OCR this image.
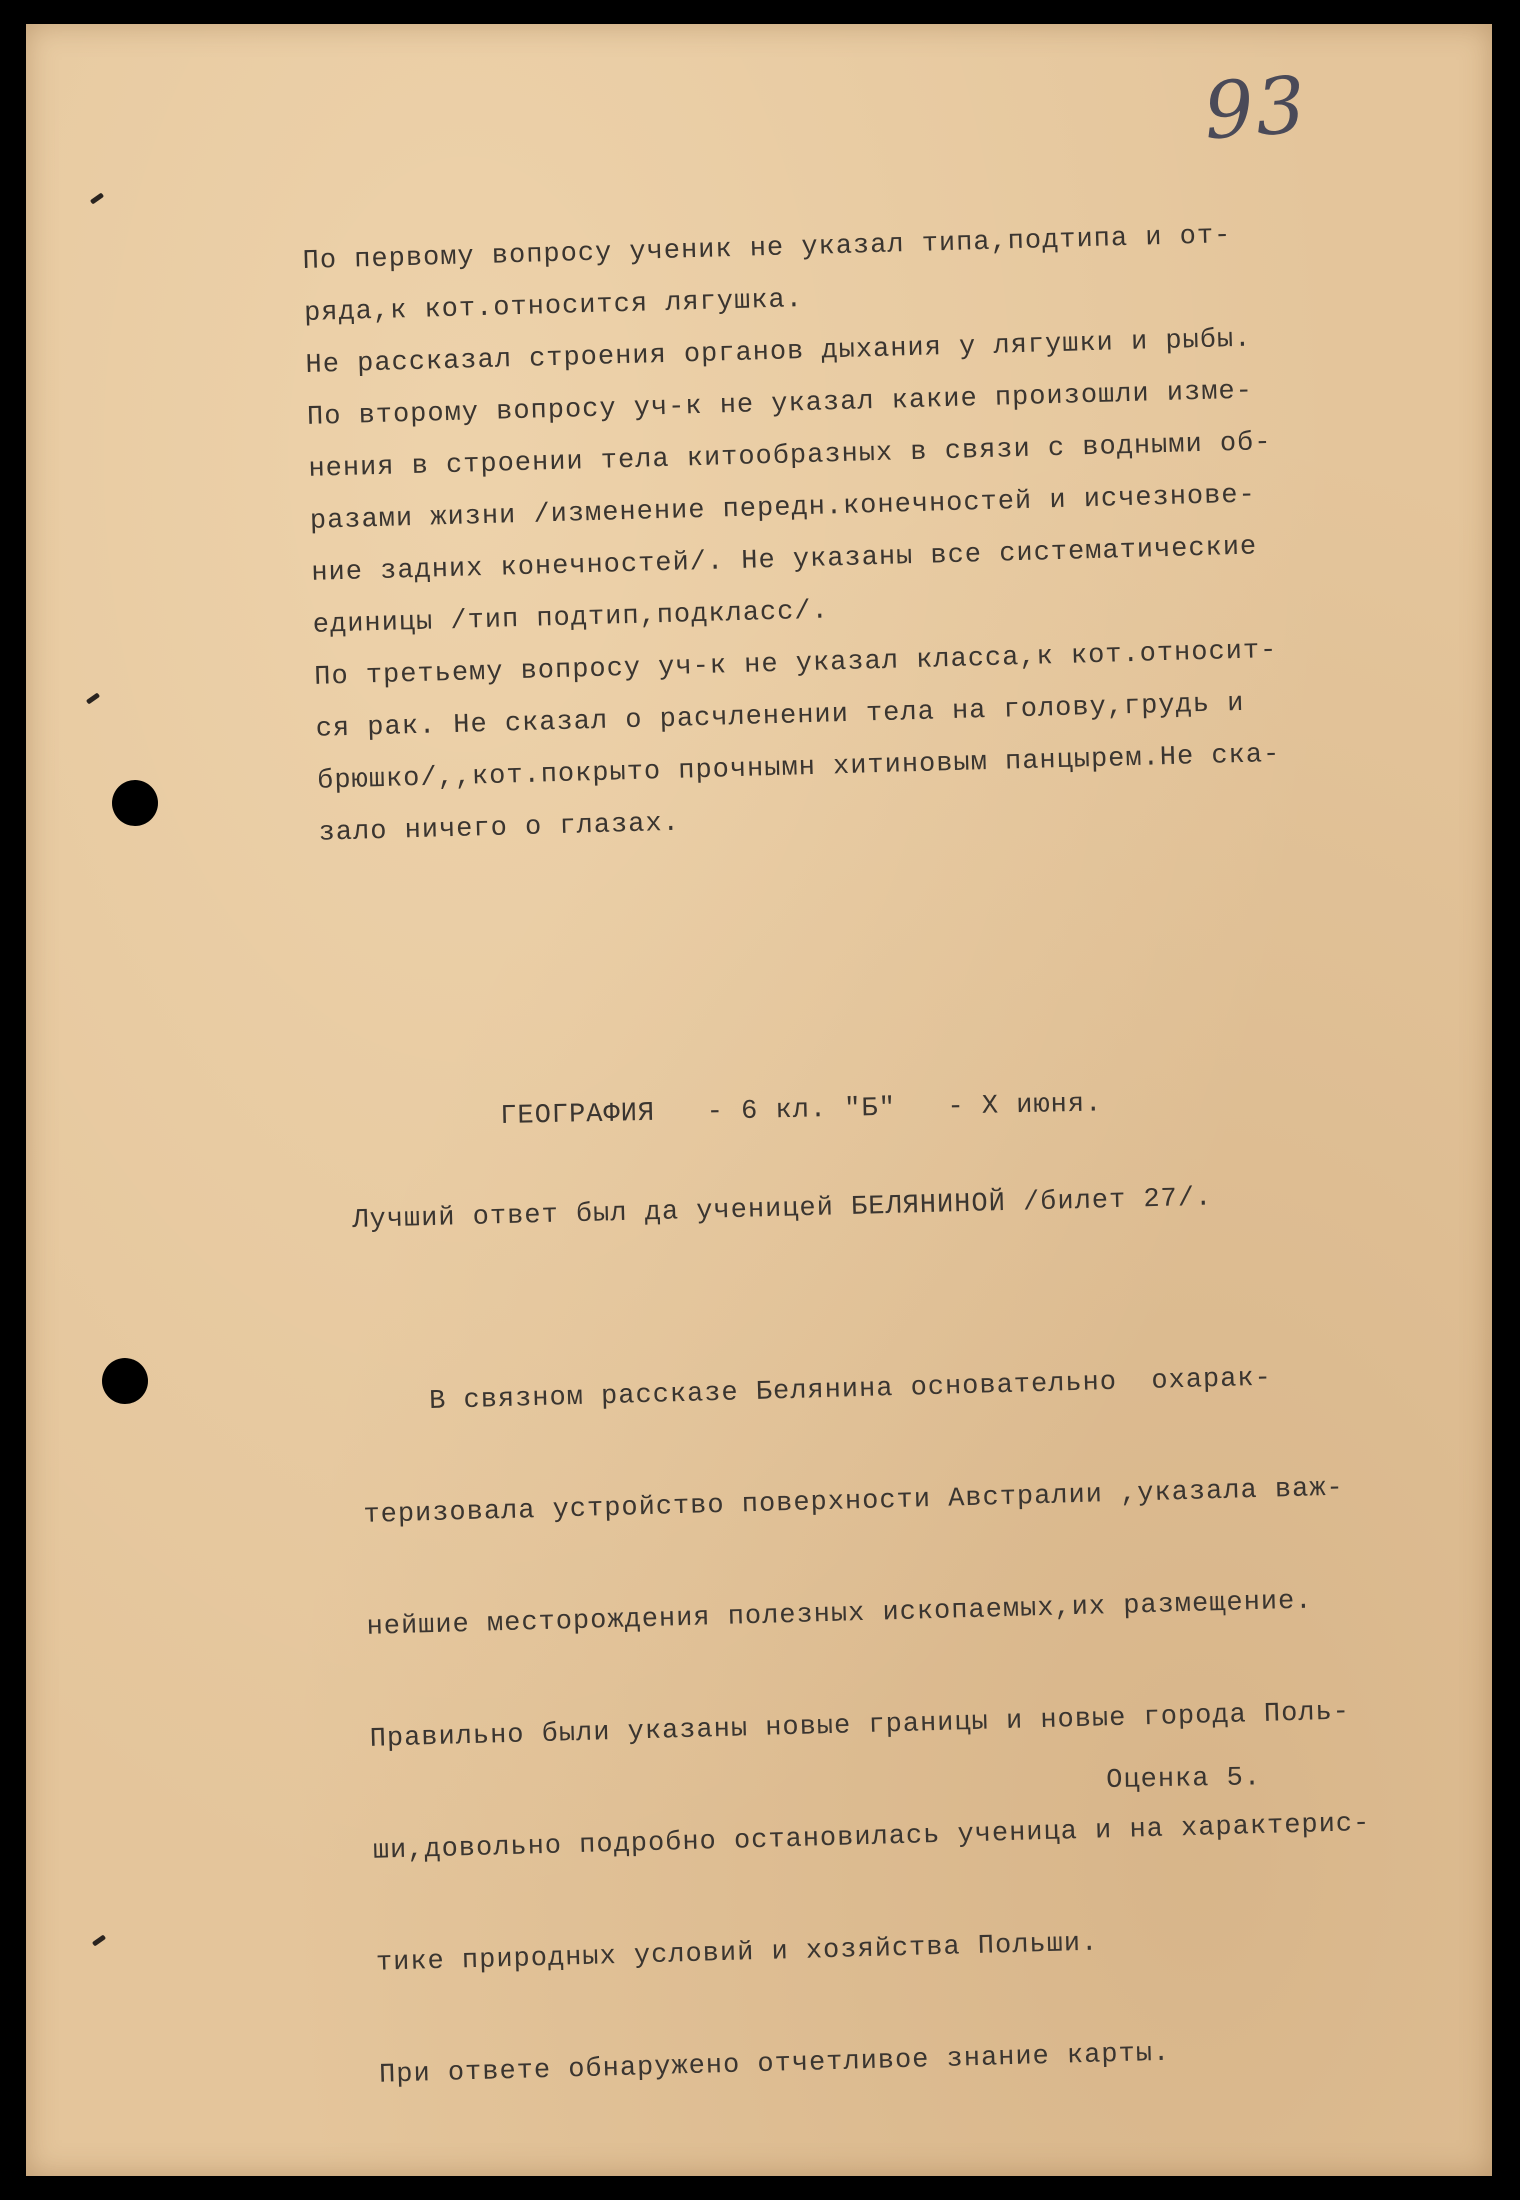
93
По первому вопросу ученик не указал типа,подтипа и от-
ряда,к кот.относится лягушка.
Не рассказал строения органов дыхания у лягушки и рыбы.
По второму вопросу уч-к не указал какие произошли изме-
нения в строении тела китообразных в связи с водными об-
разами жизни /изменение передн.конечностей и исчезнове-
ние задних конечностей/. Не указаны все систематические
единицы /тип подтип,подкласс/.
По третьему вопросу уч-к не указал класса,к кот.относит-
ся рак. Не сказал о расчленении тела на голову,грудь и
брюшко/,,кот.покрыто прочнымн хитиновым панцырем.Не ска-
зало ничего о глазах.
ГЕОГРАФИЯ   - 6 кл. "Б"   - Х июня.
Лучший ответ был да ученицей БЕЛЯНИНОЙ /билет 27/.

В связном рассказе Белянина основательно  охарак-

теризовала устройство поверхности Австралии ,указала важ-

нейшие месторождения полезных ископаемых,их размещение.

Правильно были указаны новые границы и новые города Поль-

ши,довольно подробно остановилась ученица и на характерис-

тике природных условий и хозяйства Польши.

При ответе обнаружено отчетливое знание карты.

Оценка 5.
